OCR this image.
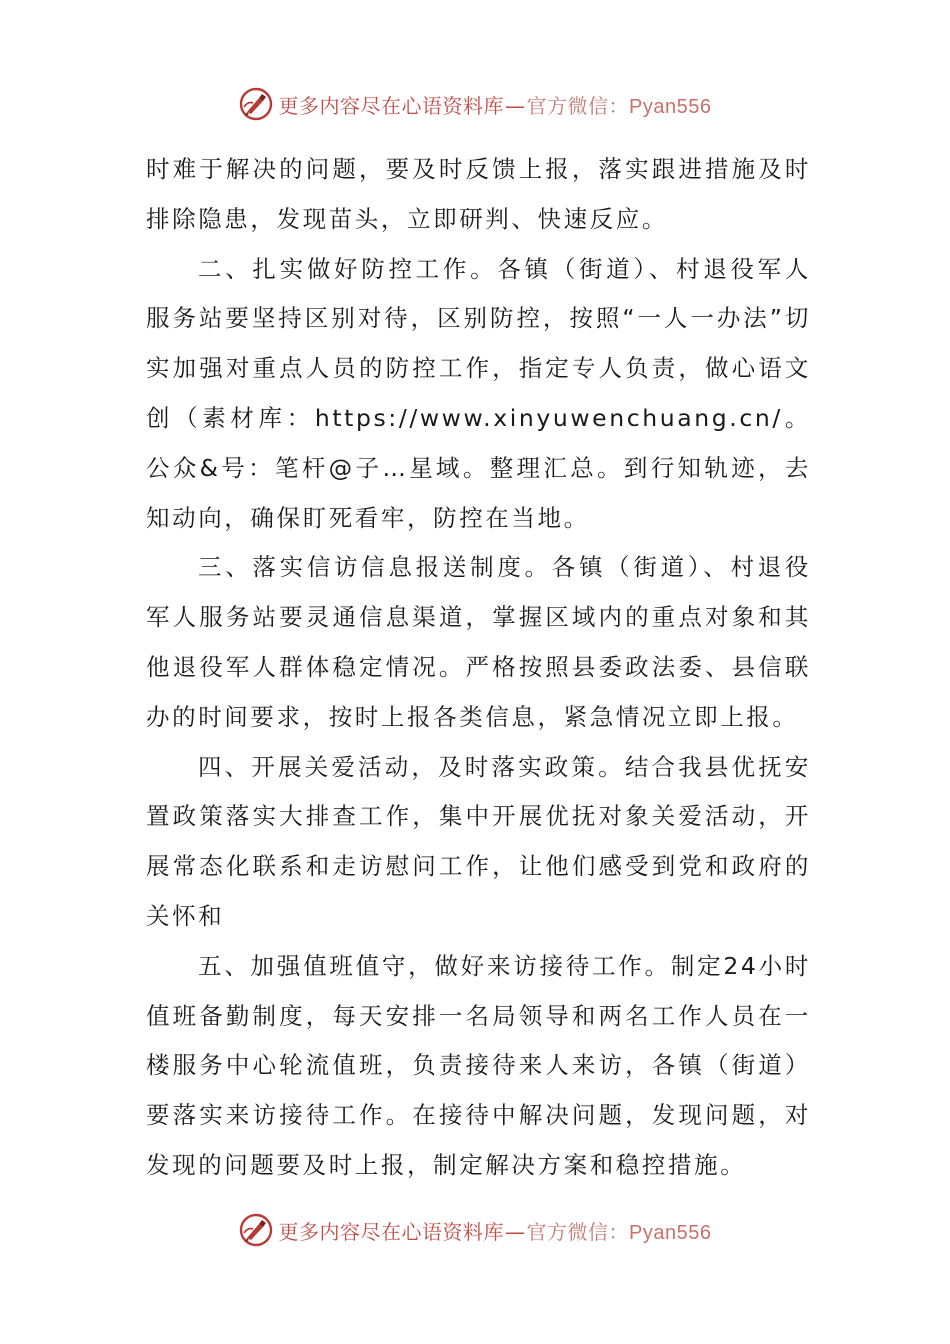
更多内容尽在心语资料库 — 官方微信： Pyan556

时难于解决的问题，要及时反馈上报，落实跟进措施及时排除隐患，发现苗头，立即研判、快速反应。

二、扎实做好防控工作。各镇（街道）、村退役军人服务站要坚持区别对待，区别防控，按照“一人一办法”切实加强对重点人员的防控工作，指定专人负责，做心语文创（素材库：https://www.xinyuwenchuang.cn/。公众&号：笔杆@子…星域。整理汇总。到行知轨迹，去知动向，确保盯死看牢，防控在当地。

三、落实信访信息报送制度。各镇（街道）、村退役军人服务站要灵通信息渠道，掌握区域内的重点对象和其他退役军人群体稳定情况。严格按照县委政法委、县信联办的时间要求，按时上报各类信息，紧急情况立即上报。

四、开展关爱活动，及时落实政策。结合我县优抚安置政策落实大排查工作，集中开展优抚对象关爱活动，开展常态化联系和走访慰问工作，让他们感受到党和政府的关怀和

五、加强值班值守，做好来访接待工作。制定24小时值班备勤制度，每天安排一名局领导和两名工作人员在一楼服务中心轮流值班，负责接待来人来访，各镇（街道）要落实来访接待工作。在接待中解决问题，发现问题，对发现的问题要及时上报，制定解决方案和稳控措施。

更多内容尽在心语资料库 — 官方微信： Pyan556
